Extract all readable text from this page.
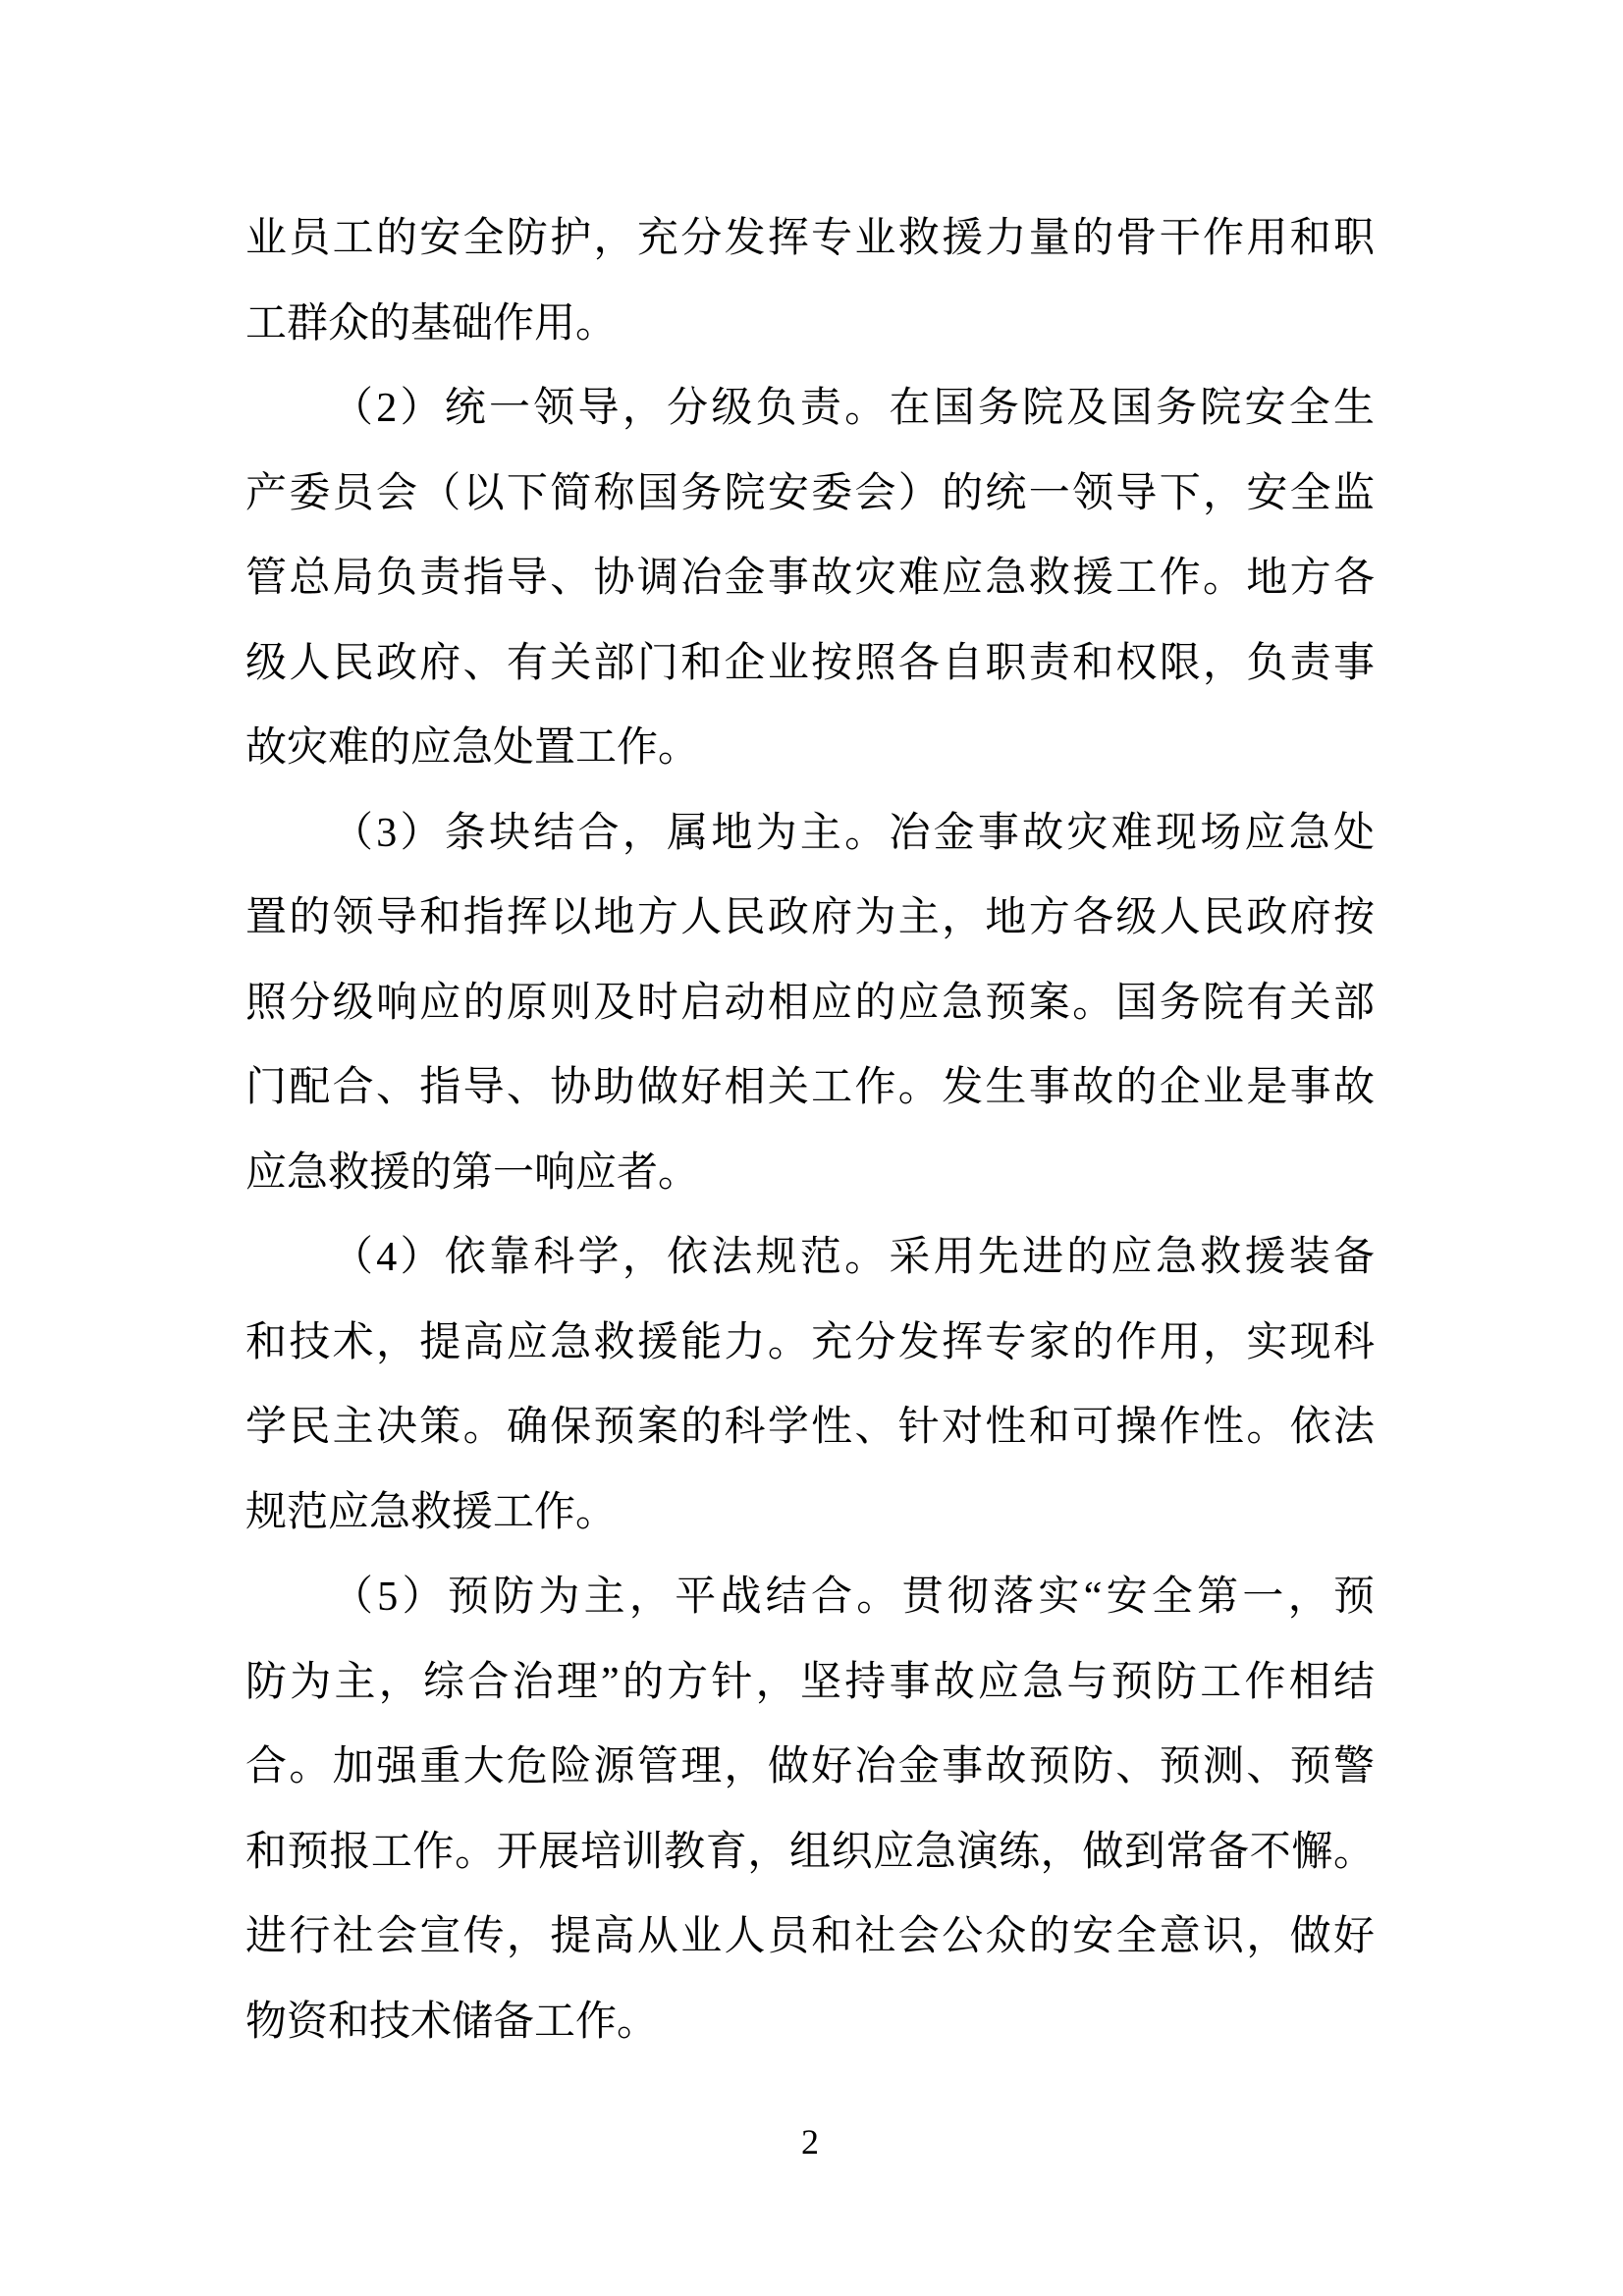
业员工的安全防护，充分发挥专业救援力量的骨干作用和职
工群众的基础作用。
（2）统一领导，分级负责。在国务院及国务院安全生
产委员会（以下简称国务院安委会）的统一领导下，安全监
管总局负责指导、协调冶金事故灾难应急救援工作。地方各
级人民政府、有关部门和企业按照各自职责和权限，负责事
故灾难的应急处置工作。
（3）条块结合，属地为主。冶金事故灾难现场应急处
置的领导和指挥以地方人民政府为主，地方各级人民政府按
照分级响应的原则及时启动相应的应急预案。国务院有关部
门配合、指导、协助做好相关工作。发生事故的企业是事故
应急救援的第一响应者。
（4）依靠科学，依法规范。采用先进的应急救援装备
和技术，提高应急救援能力。充分发挥专家的作用，实现科
学民主决策。确保预案的科学性、针对性和可操作性。依法
规范应急救援工作。
（5）预防为主，平战结合。贯彻落实“安全第一，预
防为主，综合治理”的方针，坚持事故应急与预防工作相结
合。加强重大危险源管理，做好冶金事故预防、预测、预警
和预报工作。开展培训教育，组织应急演练，做到常备不懈。
进行社会宣传，提高从业人员和社会公众的安全意识，做好
物资和技术储备工作。
2
